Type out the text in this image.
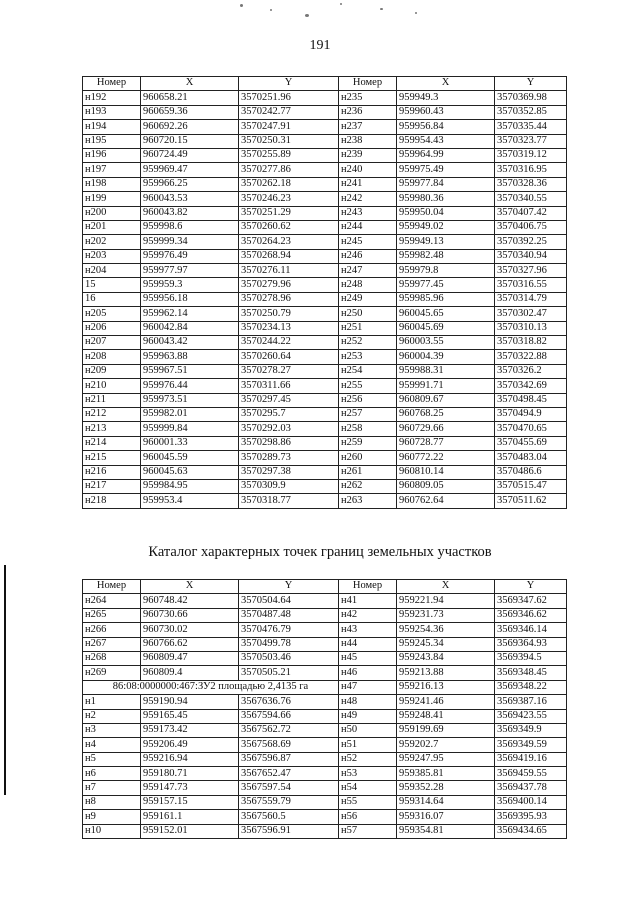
191
Номер	X	Y	Номер	X	Y
н192	960658.21	3570251.96	н235	959949.3	3570369.98
н193	960659.36	3570242.77	н236	959960.43	3570352.85
н194	960692.26	3570247.91	н237	959956.84	3570335.44
н195	960720.15	3570250.31	н238	959954.43	3570323.77
н196	960724.49	3570255.89	н239	959964.99	3570319.12
н197	959969.47	3570277.86	н240	959975.49	3570316.95
н198	959966.25	3570262.18	н241	959977.84	3570328.36
н199	960043.53	3570246.23	н242	959980.36	3570340.55
н200	960043.82	3570251.29	н243	959950.04	3570407.42
н201	959998.6	3570260.62	н244	959949.02	3570406.75
н202	959999.34	3570264.23	н245	959949.13	3570392.25
н203	959976.49	3570268.94	н246	959982.48	3570340.94
н204	959977.97	3570276.11	н247	959979.8	3570327.96
15	959959.3	3570279.96	н248	959977.45	3570316.55
16	959956.18	3570278.96	н249	959985.96	3570314.79
н205	959962.14	3570250.79	н250	960045.65	3570302.47
н206	960042.84	3570234.13	н251	960045.69	3570310.13
н207	960043.42	3570244.22	н252	960003.55	3570318.82
н208	959963.88	3570260.64	н253	960004.39	3570322.88
н209	959967.51	3570278.27	н254	959988.31	3570326.2
н210	959976.44	3570311.66	н255	959991.71	3570342.69
н211	959973.51	3570297.45	н256	960809.67	3570498.45
н212	959982.01	3570295.7	н257	960768.25	3570494.9
н213	959999.84	3570292.03	н258	960729.66	3570470.65
н214	960001.33	3570298.86	н259	960728.77	3570455.69
н215	960045.59	3570289.73	н260	960772.22	3570483.04
н216	960045.63	3570297.38	н261	960810.14	3570486.6
н217	959984.95	3570309.9	н262	960809.05	3570515.47
н218	959953.4	3570318.77	н263	960762.64	3570511.62
Каталог характерных точек границ земельных участков
Номер	X	Y	Номер	X	Y
н264	960748.42	3570504.64	н41	959221.94	3569347.62
н265	960730.66	3570487.48	н42	959231.73	3569346.62
н266	960730.02	3570476.79	н43	959254.36	3569346.14
н267	960766.62	3570499.78	н44	959245.34	3569364.93
н268	960809.47	3570503.46	н45	959243.84	3569394.5
н269	960809.4	3570505.21	н46	959213.88	3569348.45
86:08:0000000:467:ЗУ2 площадью 2,4135 га			н47	959216.13	3569348.22
н1	959190.94	3567636.76	н48	959241.46	3569387.16
н2	959165.45	3567594.66	н49	959248.41	3569423.55
н3	959173.42	3567562.72	н50	959199.69	3569349.9
н4	959206.49	3567568.69	н51	959202.7	3569349.59
н5	959216.94	3567596.87	н52	959247.95	3569419.16
н6	959180.71	3567652.47	н53	959385.81	3569459.55
н7	959147.73	3567597.54	н54	959352.28	3569437.78
н8	959157.15	3567559.79	н55	959314.64	3569400.14
н9	959161.1	3567560.5	н56	959316.07	3569395.93
н10	959152.01	3567596.91	н57	959354.81	3569434.65
